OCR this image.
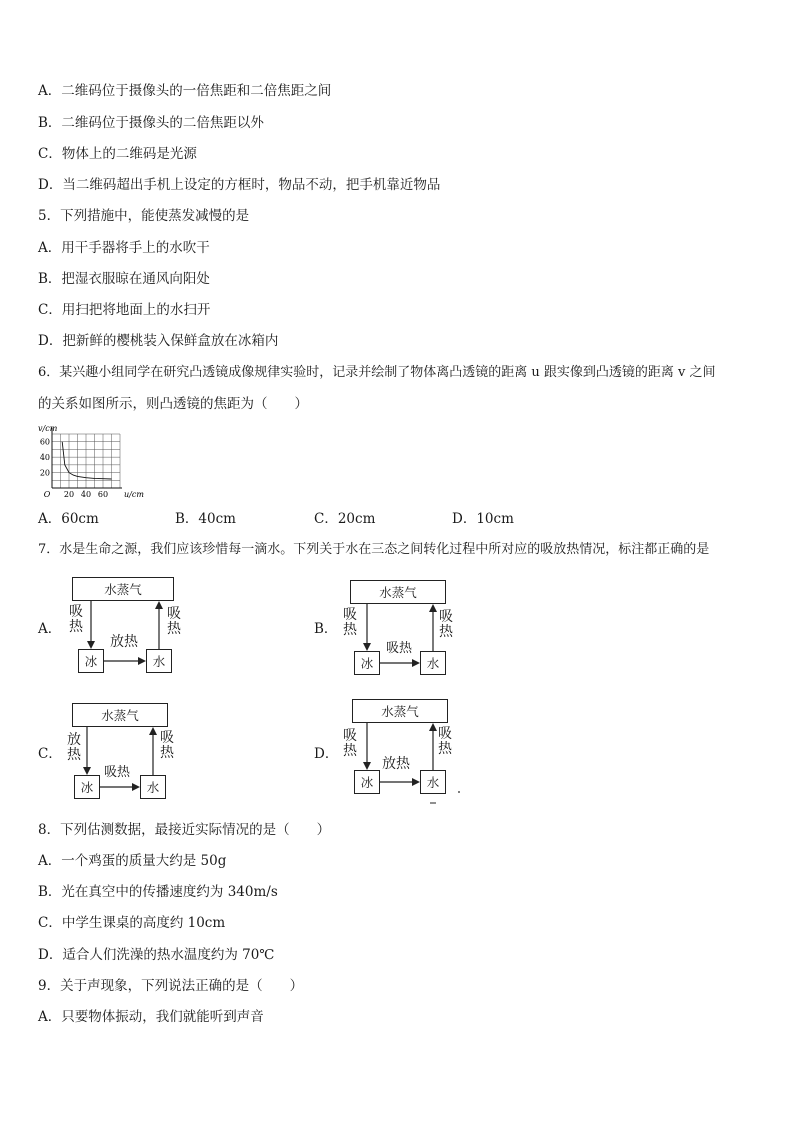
A．二维码位于摄像头的一倍焦距和二倍焦距之间
B．二维码位于摄像头的二倍焦距以外
C．物体上的二维码是光源
D．当二维码超出手机上设定的方框时，物品不动，把手机靠近物品
5．下列措施中，能使蒸发减慢的是
A．用干手器将手上的水吹干
B．把湿衣服晾在通风向阳处
C．用扫把将地面上的水扫开
D．把新鲜的樱桃装入保鲜盒放在冰箱内
6．某兴趣小组同学在研究凸透镜成像规律实验时，记录并绘制了物体离凸透镜的距离 u 跟实像到凸透镜的距离 v 之间
的关系如图所示，则凸透镜的焦距为（　　）
20 40 60
60
40
20
O	u/cm
v/cm
A．60cm	B．40cm	C．20cm	D．10cm
7．水是生命之源，我们应该珍惜每一滴水。下列关于水在三态之间转化过程中所对应的吸放热情况，标注都正确的是
A．
水蒸气
冰	水
吸热
吸热
放热
B．
水蒸气
冰	水
吸热
吸热
吸热
C．
水蒸气
冰	水
放热
吸热
吸热
D．
水蒸气
冰	水
吸热
吸热
放热
8．下列估测数据，最接近实际情况的是（　　）
A．一个鸡蛋的质量大约是 50g
B．光在真空中的传播速度约为 340m/s
C．中学生课桌的高度约 10cm
D．适合人们洗澡的热水温度约为 70℃
9．关于声现象，下列说法正确的是（　　）
A．只要物体振动，我们就能听到声音
